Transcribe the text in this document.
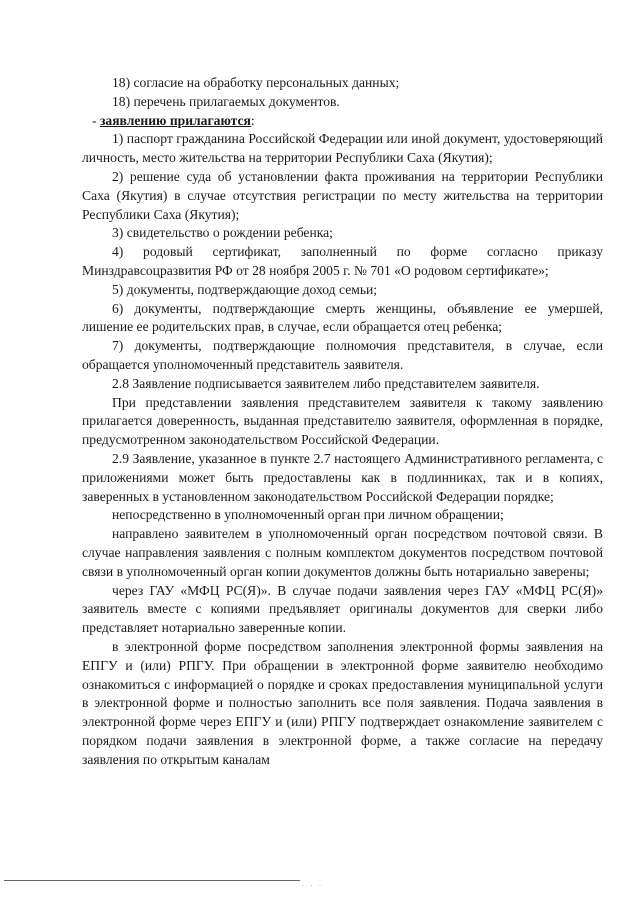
18) согласие на обработку персональных данных;

18) перечень прилагаемых документов.

- заявлению прилагаются:

1) паспорт гражданина Российской Федерации или иной документ, удостоверяющий личность, место жительства на территории Республики Саха (Якутия);

2) решение суда об установлении факта проживания на территории Республики Саха (Якутия) в случае отсутствия регистрации по месту жительства на территории Республики Саха (Якутия);

3) свидетельство о рождении ребенка;

4) родовый сертификат, заполненный по форме согласно приказу Минздравсоцразвития РФ от 28 ноября 2005 г. № 701 «О родовом сертификате»;

5) документы, подтверждающие доход семьи;

6) документы, подтверждающие смерть женщины, объявление ее умершей, лишение ее родительских прав, в случае, если обращается отец ребенка;

7) документы, подтверждающие полномочия представителя, в случае, если обращается уполномоченный представитель заявителя.

2.8 Заявление подписывается заявителем либо представителем заявителя.

При представлении заявления представителем заявителя к такому заявлению прилагается доверенность, выданная представителю заявителя, оформленная в порядке, предусмотренном законодательством Российской Федерации.

2.9 Заявление, указанное в пункте 2.7 настоящего Административного регламента, с приложениями может быть предоставлены как в подлинниках, так и в копиях, заверенных в установленном законодательством Российской Федерации порядке;

непосредственно в уполномоченный орган при личном обращении;

направлено заявителем в уполномоченный орган посредством почтовой связи. В случае направления заявления с полным комплектом документов посредством почтовой связи в уполномоченный орган копии документов должны быть нотариально заверены;

через ГАУ «МФЦ РС(Я)». В случае подачи заявления через ГАУ «МФЦ РС(Я)» заявитель вместе с копиями предъявляет оригиналы документов для сверки либо представляет нотариально заверенные копии.

в электронной форме посредством заполнения электронной формы заявления на ЕПГУ и (или) РПГУ. При обращении в электронной форме заявителю необходимо ознакомиться с информацией о порядке и сроках предоставления муниципальной услуги в электронной форме и полностью заполнить все поля заявления. Подача заявления в электронной форме через ЕПГУ и (или) РПГУ подтверждает ознакомление заявителем с порядком подачи заявления в электронной форме, а также согласие на передачу заявления по открытым каналам

· · ·
